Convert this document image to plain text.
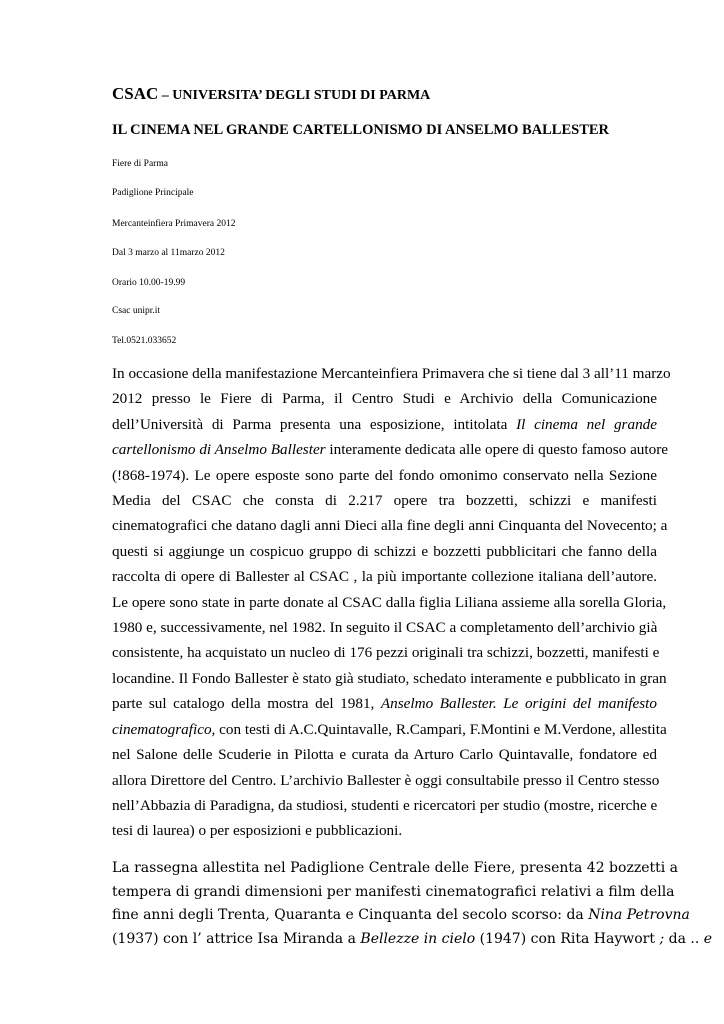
CSAC – UNIVERSITA’ DEGLI STUDI DI PARMA

IL CINEMA NEL GRANDE CARTELLONISMO DI ANSELMO BALLESTER

Fiere di Parma

Padiglione Principale

Mercanteinfiera Primavera 2012

Dal 3 marzo al 11marzo 2012

Orario 10.00-19.99

Csac unipr.it

Tel.0521.033652

In occasione della manifestazione Mercanteinfiera Primavera che si tiene dal 3 all’11 marzo
2012 presso le Fiere di Parma, il Centro Studi e Archivio della Comunicazione
dell’Università di Parma presenta una esposizione, intitolata Il cinema nel grande
cartellonismo di Anselmo Ballester interamente dedicata alle opere di questo famoso autore
(!868-1974). Le opere esposte sono parte del fondo omonimo conservato nella Sezione
Media del CSAC che consta di 2.217 opere tra bozzetti, schizzi e manifesti
cinematografici che datano dagli anni Dieci alla fine degli anni Cinquanta del Novecento; a
questi si aggiunge un cospicuo gruppo di schizzi e bozzetti pubblicitari che fanno della
raccolta di opere di Ballester al CSAC , la più importante collezione italiana dell’autore.
Le opere sono state in parte donate al CSAC dalla figlia Liliana assieme alla sorella Gloria,
1980 e, successivamente, nel 1982. In seguito il CSAC a completamento dell’archivio già
consistente, ha acquistato un nucleo di 176 pezzi originali tra schizzi, bozzetti, manifesti e
locandine. Il Fondo Ballester è stato già studiato, schedato interamente e pubblicato in gran
parte sul catalogo della mostra del 1981, Anselmo Ballester. Le origini del manifesto
cinematografico, con testi di A.C.Quintavalle, R.Campari, F.Montini e M.Verdone, allestita
nel Salone delle Scuderie in Pilotta e curata da Arturo Carlo Quintavalle, fondatore ed
allora Direttore del Centro. L’archivio Ballester è oggi consultabile presso il Centro stesso
nell’Abbazia di Paradigna, da studiosi, studenti e ricercatori per studio (mostre, ricerche e
tesi di laurea) o per esposizioni e pubblicazioni.
La rassegna allestita nel Padiglione Centrale delle Fiere, presenta 42 bozzetti a
tempera di grandi dimensioni per manifesti cinematografici relativi a film della
fine anni degli Trenta, Quaranta e Cinquanta del secolo scorso: da Nina Petrovna
(1937) con l’ attrice Isa Miranda a Bellezze in cielo (1947) con Rita Haywort ; da .. e
